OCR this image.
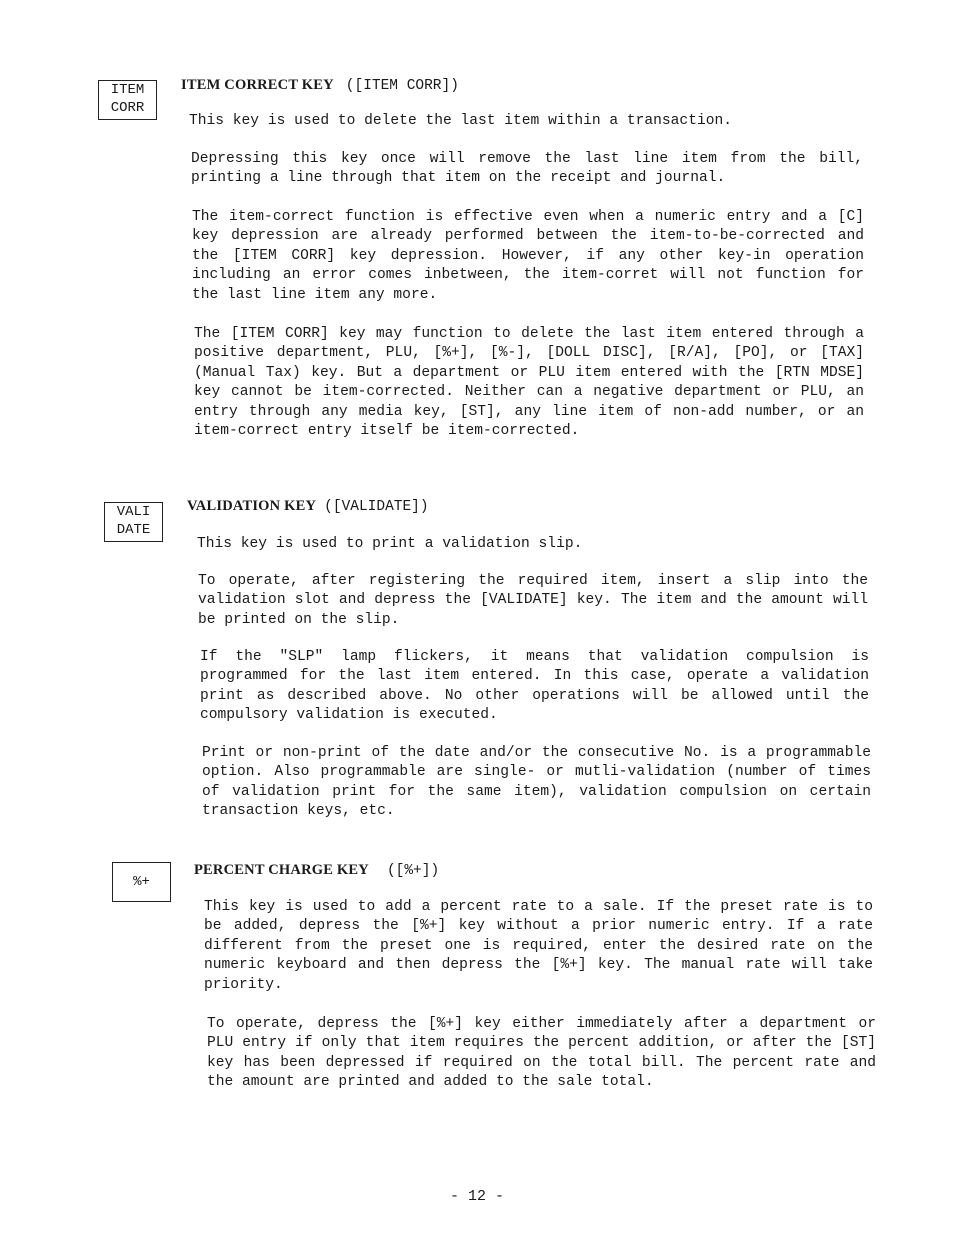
ITEM
CORR
ITEM CORRECT KEY ([ITEM CORR])
This key is used to delete the last item within a transaction.
Depressing this key once will remove the last line item from the bill, printing a line through that item on the receipt and journal.
The item-correct function is effective even when a numeric entry and a [C] key depression are already performed between the item-to-be-corrected and the [ITEM CORR] key depression. However, if any other key-in operation including an error comes inbetween, the item-corret will not function for the last line item any more.
The [ITEM CORR] key may function to delete the last item entered through a positive department, PLU, [%+], [%-], [DOLL DISC], [R/A], [PO], or [TAX](Manual Tax) key. But a department or PLU item entered with the [RTN MDSE] key cannot be item-corrected. Neither can a negative department or PLU, an entry through any media key, [ST], any line item of non-add number, or an item-correct entry itself be item-corrected.
VALI
DATE
VALIDATION KEY ([VALIDATE])
This key is used to print a validation slip.
To operate, after registering the required item, insert a slip into the validation slot and depress the [VALIDATE] key. The item and the amount will be printed on the slip.
If the "SLP" lamp flickers, it means that validation compulsion is programmed for the last item entered. In this case, operate a validation print as described above. No other operations will be allowed until the compulsory validation is executed.
Print or non-print of the date and/or the consecutive No. is a programmable option. Also programmable are single- or mutli-validation (number of times of validation print for the same item), validation compulsion on certain transaction keys, etc.
%+
PERCENT CHARGE KEY ([%+])
This key is used to add a percent rate to a sale. If the preset rate is to be added, depress the [%+] key without a prior numeric entry. If a rate different from the preset one is required, enter the desired rate on the numeric keyboard and then depress the [%+] key. The manual rate will take priority.
To operate, depress the [%+] key either immediately after a department or PLU entry if only that item requires the percent addition, or after the [ST] key has been depressed if required on the total bill. The percent rate and the amount are printed and added to the sale total.
- 12 -
